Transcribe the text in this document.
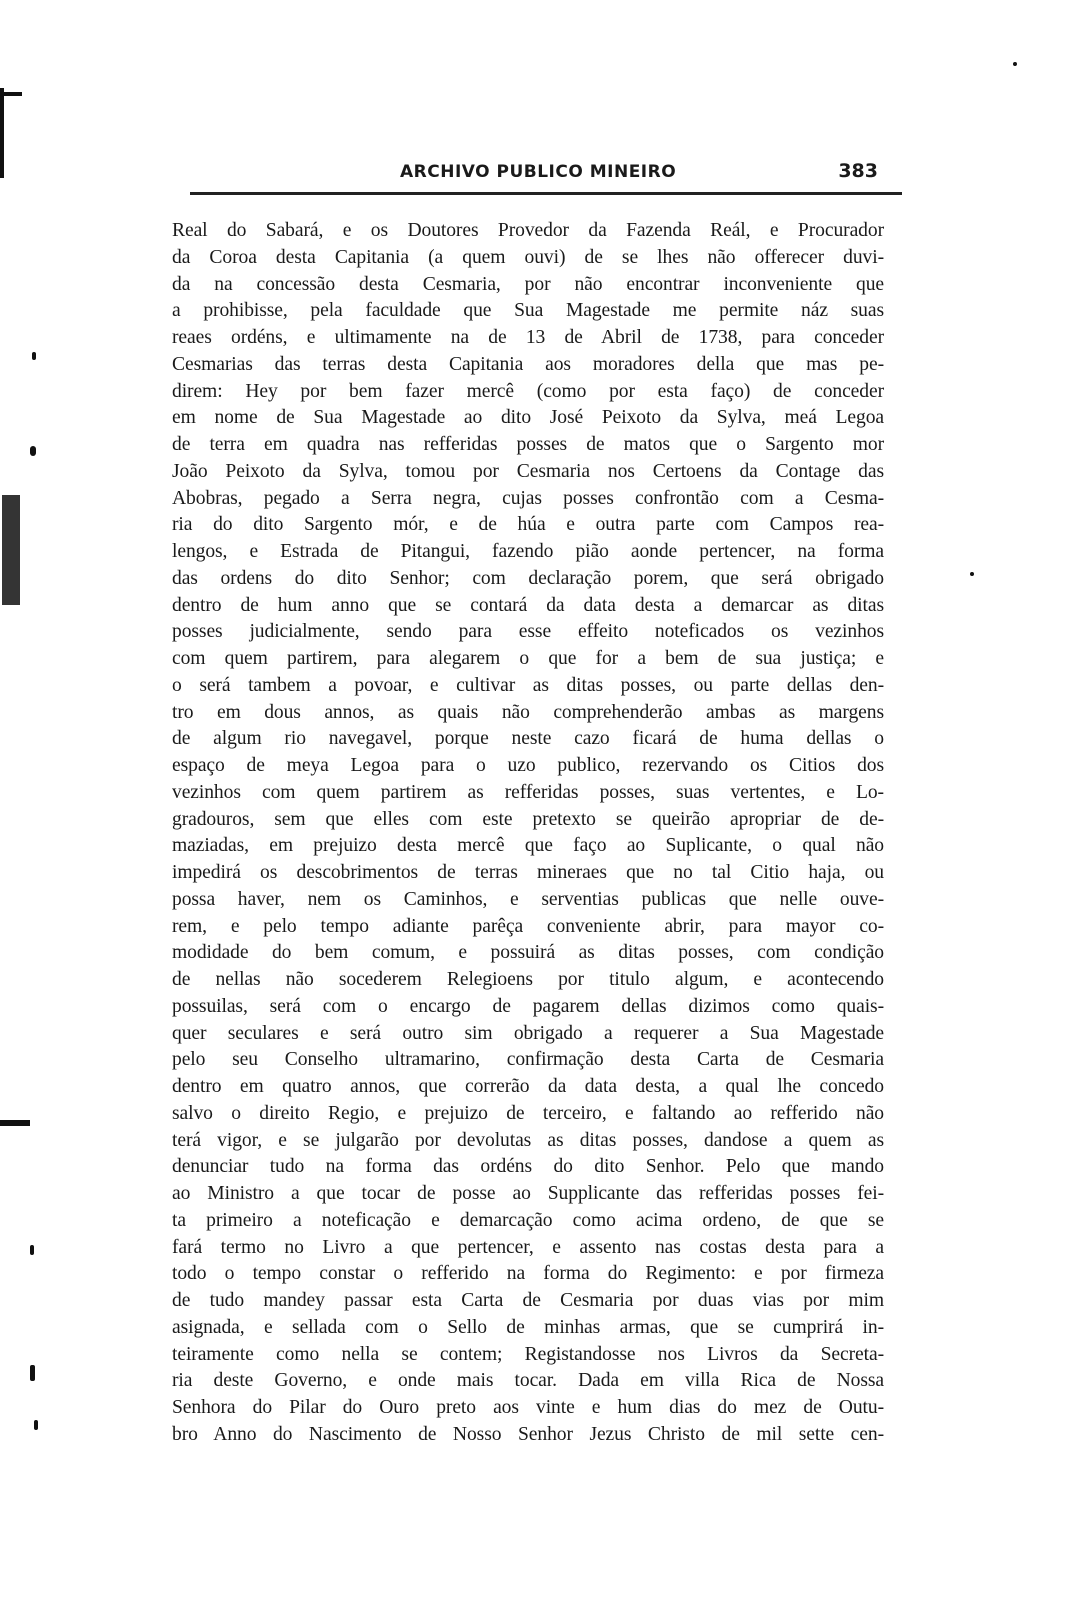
ARCHIVO PUBLICO MINEIRO	383
Real do Sabará, e os Doutores Provedor da Fazenda Reál, e Procurador
da Coroa desta Capitania (a quem ouvi) de se lhes não offerecer duvi-
da na concessão desta Cesmaria, por não encontrar inconveniente que
a prohibisse, pela faculdade que Sua Magestade me permite náz suas
reaes ordéns, e ultimamente na de 13 de Abril de 1738, para conceder
Cesmarias das terras desta Capitania aos moradores della que mas pe-
direm: Hey por bem fazer mercê (como por esta faço) de conceder
em nome de Sua Magestade ao dito José Peixoto da Sylva, meá Legoa
de terra em quadra nas refferidas posses de matos que o Sargento mor
João Peixoto da Sylva, tomou por Cesmaria nos Certoens da Contage das
Abobras, pegado a Serra negra, cujas posses confrontão com a Cesma-
ria do dito Sargento mór, e de húa e outra parte com Campos rea-
lengos, e Estrada de Pitangui, fazendo pião aonde pertencer, na forma
das ordens do dito Senhor; com declaração porem, que será obrigado
dentro de hum anno que se contará da data desta a demarcar as ditas
posses judicialmente, sendo para esse effeito noteficados os vezinhos
com quem partirem, para alegarem o que for a bem de sua justiça; e
o será tambem a povoar, e cultivar as ditas posses, ou parte dellas den-
tro em dous annos, as quais não comprehenderão ambas as margens
de algum rio navegavel, porque neste cazo ficará de huma dellas o
espaço de meya Legoa para o uzo publico, rezervando os Citios dos
vezinhos com quem partirem as refferidas posses, suas vertentes, e Lo-
gradouros, sem que elles com este pretexto se queirão apropriar de de-
maziadas, em prejuizo desta mercê que faço ao Suplicante, o qual não
impedirá os descobrimentos de terras mineraes que no tal Citio haja, ou
possa haver, nem os Caminhos, e serventias publicas que nelle ouve-
rem, e pelo tempo adiante parêça conveniente abrir, para mayor co-
modidade do bem comum, e possuirá as ditas posses, com condição
de nellas não socederem Relegioens por titulo algum, e acontecendo
possuilas, será com o encargo de pagarem dellas dizimos como quais-
quer seculares e será outro sim obrigado a requerer a Sua Magestade
pelo seu Conselho ultramarino, confirmação desta Carta de Cesmaria
dentro em quatro annos, que correrão da data desta, a qual lhe concedo
salvo o direito Regio, e prejuizo de terceiro, e faltando ao refferido não
terá vigor, e se julgarão por devolutas as ditas posses, dandose a quem as
denunciar tudo na forma das ordéns do dito Senhor. Pelo que mando
ao Ministro a que tocar de posse ao Supplicante das refferidas posses fei-
ta primeiro a noteficação e demarcação como acima ordeno, de que se
fará termo no Livro a que pertencer, e assento nas costas desta para a
todo o tempo constar o refferido na forma do Regimento: e por firmeza
de tudo mandey passar esta Carta de Cesmaria por duas vias por mim
asignada, e sellada com o Sello de minhas armas, que se cumprirá in-
teiramente como nella se contem; Registandosse nos Livros da Secreta-
ria deste Governo, e onde mais tocar. Dada em villa Rica de Nossa
Senhora do Pilar do Ouro preto aos vinte e hum dias do mez de Outu-
bro Anno do Nascimento de Nosso Senhor Jezus Christo de mil sette cen-
